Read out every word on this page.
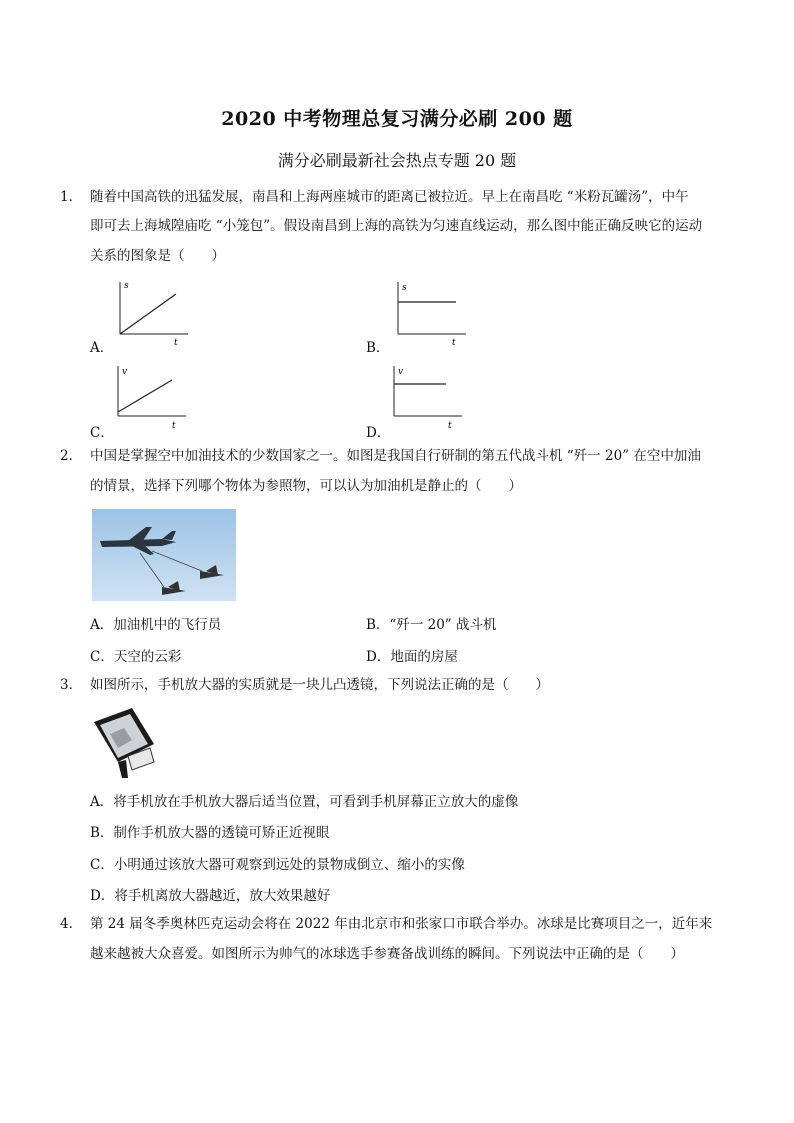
2020 中考物理总复习满分必刷 200 题
满分必刷最新社会热点专题 20 题
1． 随着中国高铁的迅猛发展，南昌和上海两座城市的距离已被拉近。早上在南昌吃 “米粉瓦罐汤”，中午
即可去上海城隍庙吃 “小笼包”。假设南昌到上海的高铁为匀速直线运动，那么图中能正确反映它的运动
关系的图象是（　　）
A．
s
t	B．
s
t
C．
v
t	D．
v
t
2． 中国是掌握空中加油技术的少数国家之一。如图是我国自行研制的第五代战斗机 “歼一 20” 在空中加油
的情景，选择下列哪个物体为参照物，可以认为加油机是静止的（　　）
A．加油机中的飞行员	B．“歼一 20” 战斗机
C．天空的云彩	D．地面的房屋
3． 如图所示，手机放大器的实质就是一块儿凸透镜，下列说法正确的是（　　）
A．将手机放在手机放大器后适当位置，可看到手机屏幕正立放大的虚像
B．制作手机放大器的透镜可矫正近视眼
C．小明通过该放大器可观察到远处的景物成倒立、缩小的实像
D．将手机离放大器越近，放大效果越好
4． 第 24 届冬季奥林匹克运动会将在 2022 年由北京市和张家口市联合举办。冰球是比赛项目之一，近年来
越来越被大众喜爱。如图所示为帅气的冰球选手参赛备战训练的瞬间。下列说法中正确的是（　　）
